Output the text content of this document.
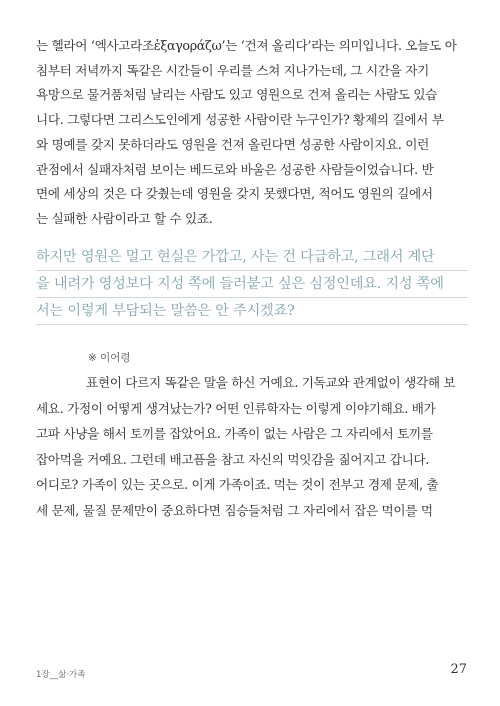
는 헬라어 ‘엑사고라조ἐξαγοράζω’는 ‘건져 올리다’라는 의미입니다. 오늘도 아
침부터 저녁까지 똑같은 시간들이 우리를 스쳐 지나가는데, 그 시간을 자기
욕망으로 물거품처럼 날리는 사람도 있고 영원으로 건져 올리는 사람도 있습
니다. 그렇다면 그리스도인에게 성공한 사람이란 누구인가? 황제의 길에서 부
와 명예를 갖지 못하더라도 영원을 건져 올린다면 성공한 사람이지요. 이런
관점에서 실패자처럼 보이는 베드로와 바울은 성공한 사람들이었습니다. 반
면에 세상의 것은 다 갖췄는데 영원을 갖지 못했다면, 적어도 영원의 길에서
는 실패한 사람이라고 할 수 있죠.
하지만 영원은 멀고 현실은 가깝고, 사는 건 다급하고, 그래서 계단
을 내려가 영성보다 지성 쪽에 들러붙고 싶은 심정인데요. 지성 쪽에
서는 이렇게 부담되는 말씀은 안 주시겠죠?
※ 이어령
표현이 다르지 똑같은 말을 하신 거예요. 기독교와 관계없이 생각해 보
세요. 가정이 어떻게 생겨났는가? 어떤 인류학자는 이렇게 이야기해요. 배가
고파 사냥을 해서 토끼를 잡았어요. 가족이 없는 사람은 그 자리에서 토끼를
잡아먹을 거예요. 그런데 배고픔을 참고 자신의 먹잇감을 짊어지고 갑니다.
어디로? 가족이 있는 곳으로. 이게 가족이죠. 먹는 것이 전부고 경제 문제, 출
세 문제, 물질 문제만이 중요하다면 짐승들처럼 그 자리에서 잡은 먹이를 먹
1장__삶·가족	27
